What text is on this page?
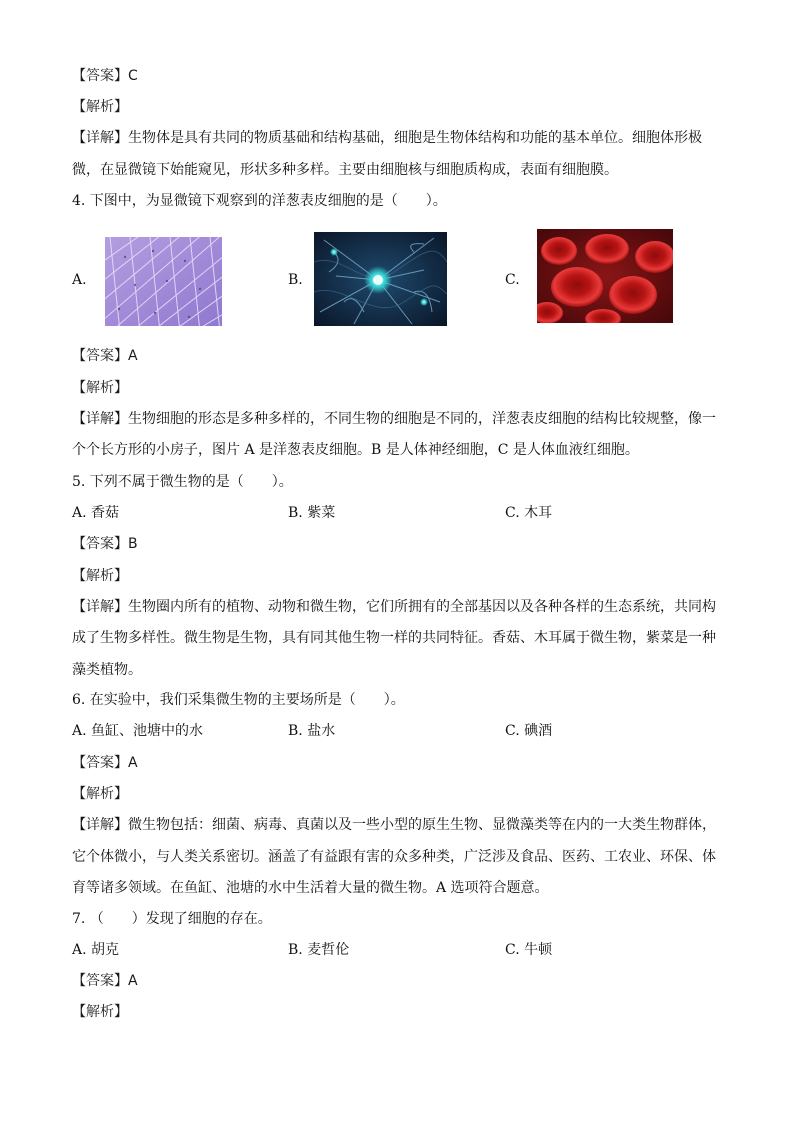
【答案】C
【解析】
【详解】生物体是具有共同的物质基础和结构基础，细胞是生物体结构和功能的基本单位。细胞体形极
微，在显微镜下始能窥见，形状多种多样。主要由细胞核与细胞质构成，表面有细胞膜。
4. 下图中，为显微镜下观察到的洋葱表皮细胞的是（　　）。
A.	B.	C.
【答案】A
【解析】
【详解】生物细胞的形态是多种多样的，不同生物的细胞是不同的，洋葱表皮细胞的结构比较规整，像一
个个长方形的小房子，图片 A 是洋葱表皮细胞。B 是人体神经细胞，C 是人体血液红细胞。
5. 下列不属于微生物的是（　　）。
A. 香菇	B. 紫菜	C. 木耳
【答案】B
【解析】
【详解】生物圈内所有的植物、动物和微生物，它们所拥有的全部基因以及各种各样的生态系统，共同构
成了生物多样性。微生物是生物，具有同其他生物一样的共同特征。香菇、木耳属于微生物，紫菜是一种
藻类植物。
6. 在实验中，我们采集微生物的主要场所是（　　）。
A. 鱼缸、池塘中的水	B. 盐水	C. 碘酒
【答案】A
【解析】
【详解】微生物包括：细菌、病毒、真菌以及一些小型的原生生物、显微藻类等在内的一大类生物群体，
它个体微小，与人类关系密切。涵盖了有益跟有害的众多种类，广泛涉及食品、医药、工农业、环保、体
育等诸多领域。在鱼缸、池塘的水中生活着大量的微生物。A 选项符合题意。
7. （　　）发现了细胞的存在。
A. 胡克	B. 麦哲伦	C. 牛顿
【答案】A
【解析】
